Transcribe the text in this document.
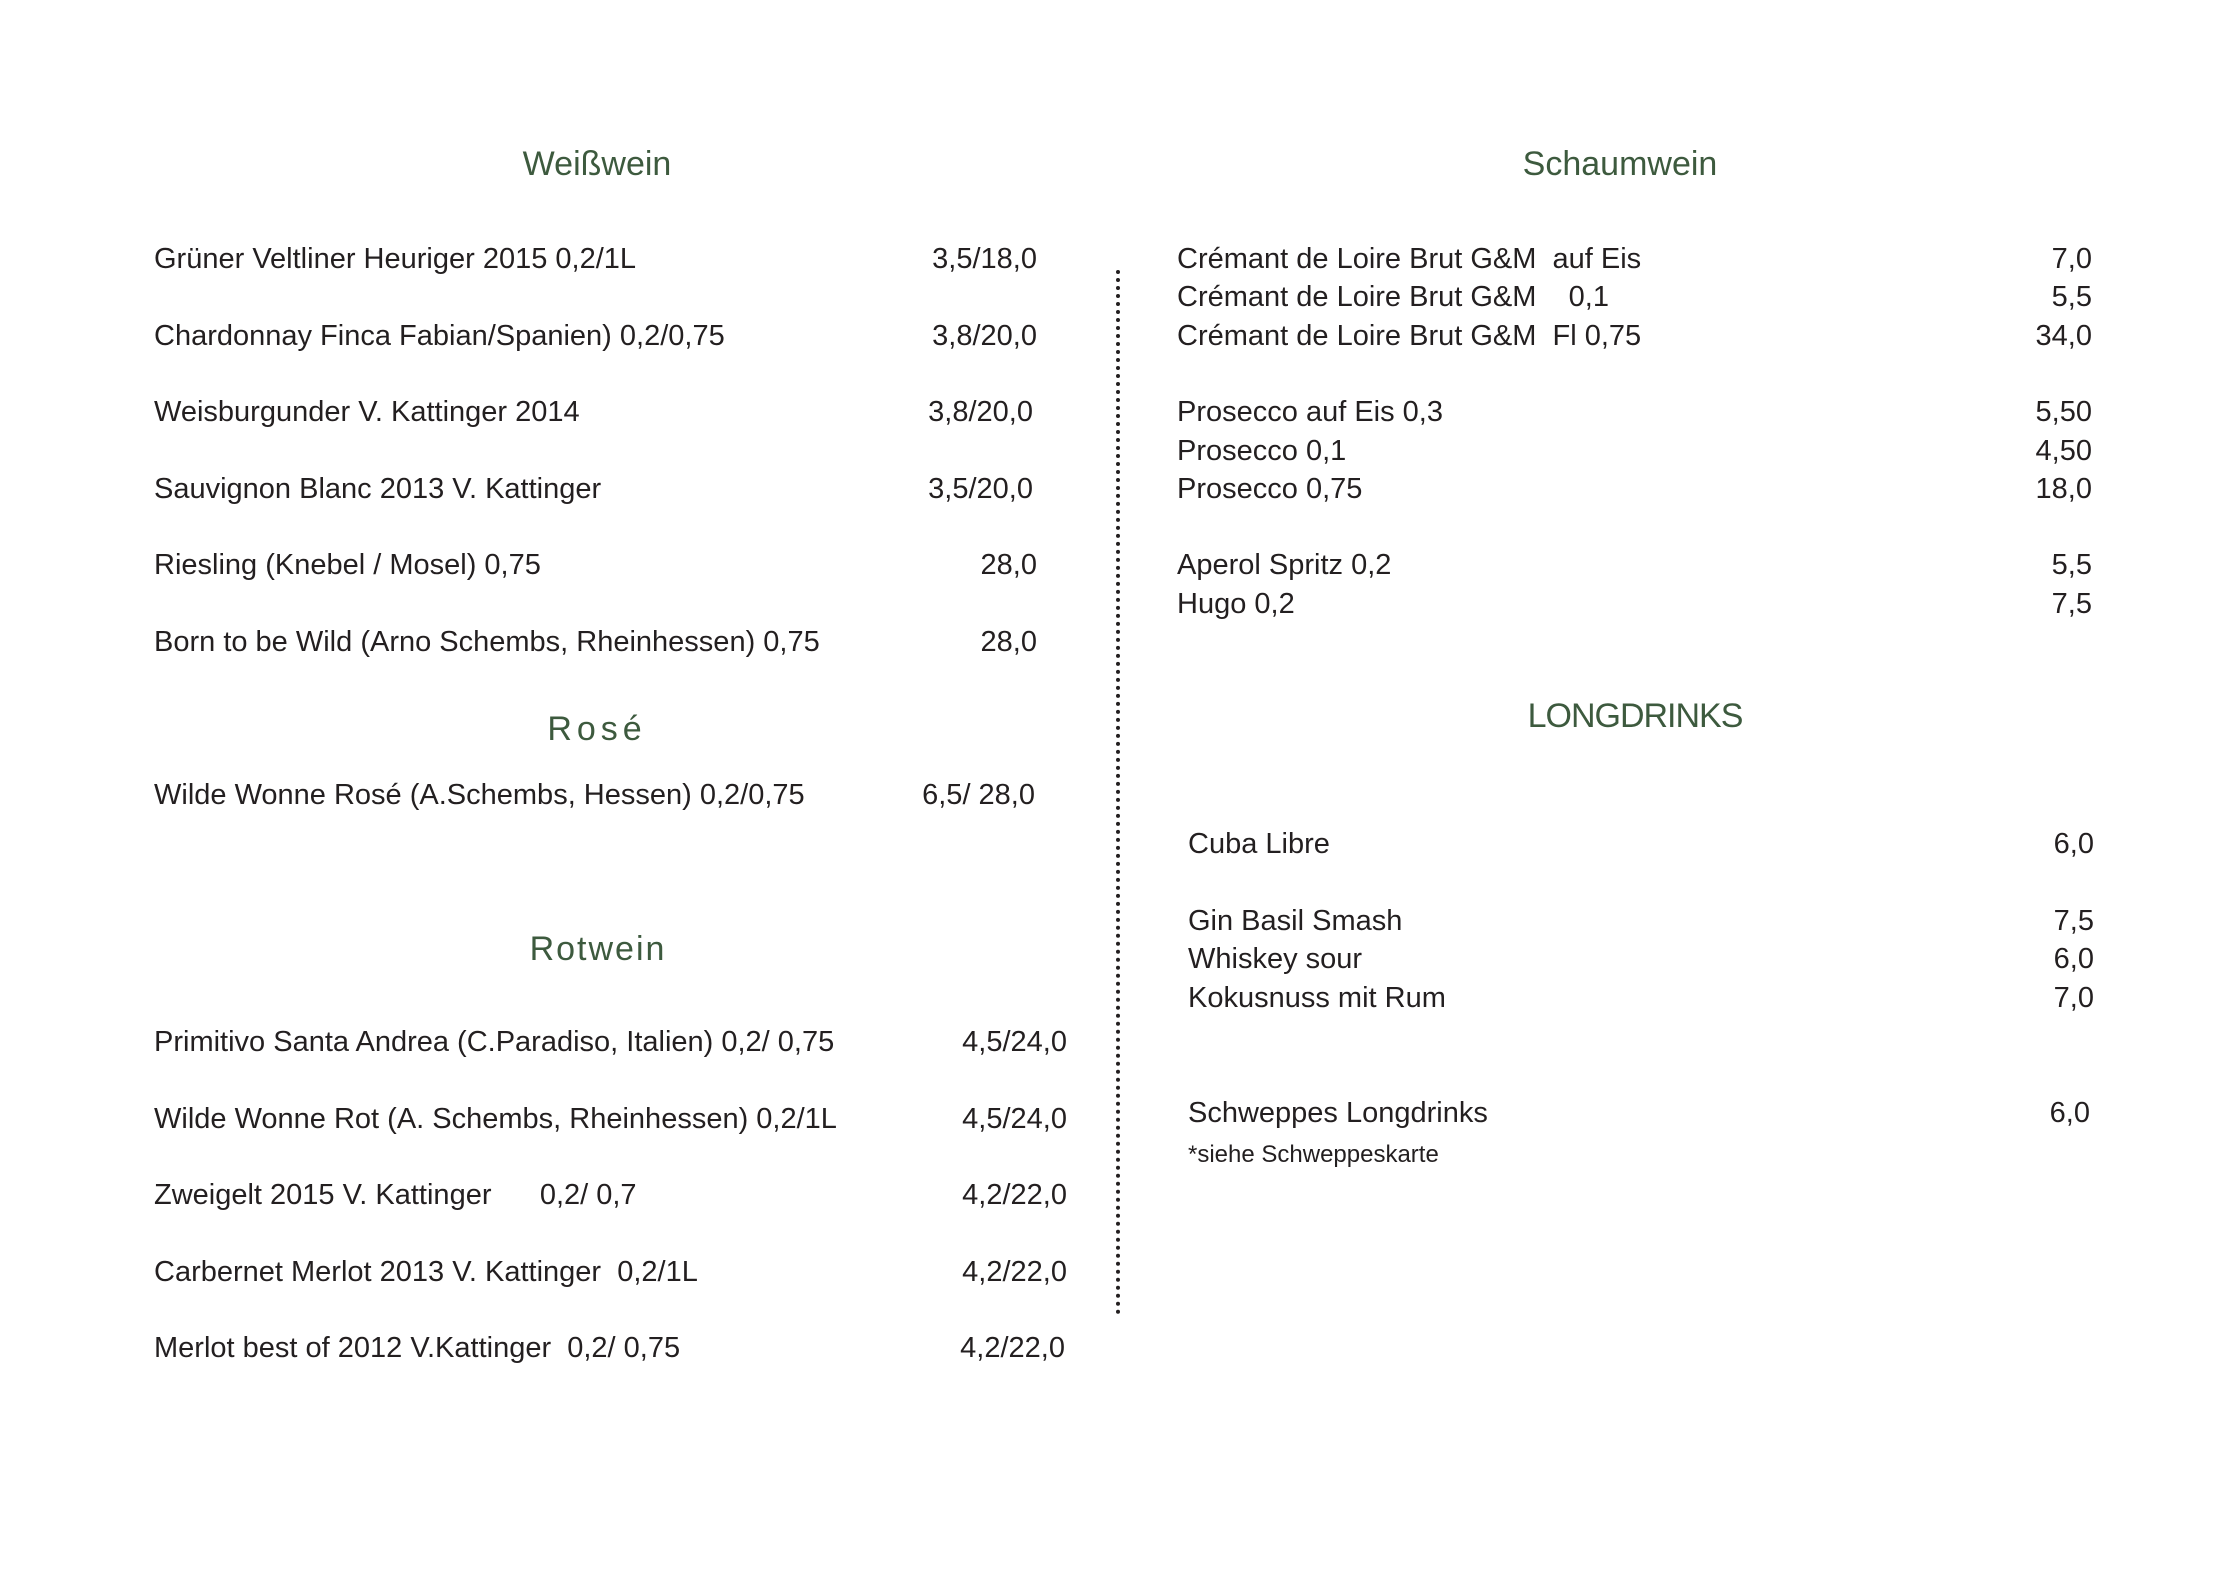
Weißwein
Rosé
Rotwein
Schaumwein
LONGDRINKS
Grüner Veltliner Heuriger 2015 0,2/1L	3,5/18,0
Chardonnay Finca Fabian/Spanien) 0,2/0,75	3,8/20,0
Weisburgunder V. Kattinger 2014	3,8/20,0
Sauvignon Blanc 2013 V. Kattinger	3,5/20,0
Riesling (Knebel / Mosel) 0,75	28,0
Born to be Wild (Arno Schembs, Rheinhessen) 0,75	28,0
Wilde Wonne Rosé (A.Schembs, Hessen) 0,2/0,75	6,5/ 28,0
Primitivo Santa Andrea (C.Paradiso, Italien) 0,2/ 0,75	4,5/24,0
Wilde Wonne Rot (A. Schembs, Rheinhessen) 0,2/1L	4,5/24,0
Zweigelt 2015 V. Kattinger      0,2/ 0,7	4,2/22,0
Carbernet Merlot 2013 V. Kattinger  0,2/1L	4,2/22,0
Merlot best of 2012 V.Kattinger  0,2/ 0,75	4,2/22,0
Crémant de Loire Brut G&M  auf Eis	7,0
Crémant de Loire Brut G&M    0,1	5,5
Crémant de Loire Brut G&M  Fl 0,75	34,0
Prosecco auf Eis 0,3	5,50
Prosecco 0,1	4,50
Prosecco 0,75	18,0
Aperol Spritz 0,2	5,5
Hugo 0,2	7,5
Cuba Libre	6,0
Gin Basil Smash	7,5
Whiskey sour	6,0
Kokusnuss mit Rum	7,0
Schweppes Longdrinks	6,0
*siehe Schweppeskarte
